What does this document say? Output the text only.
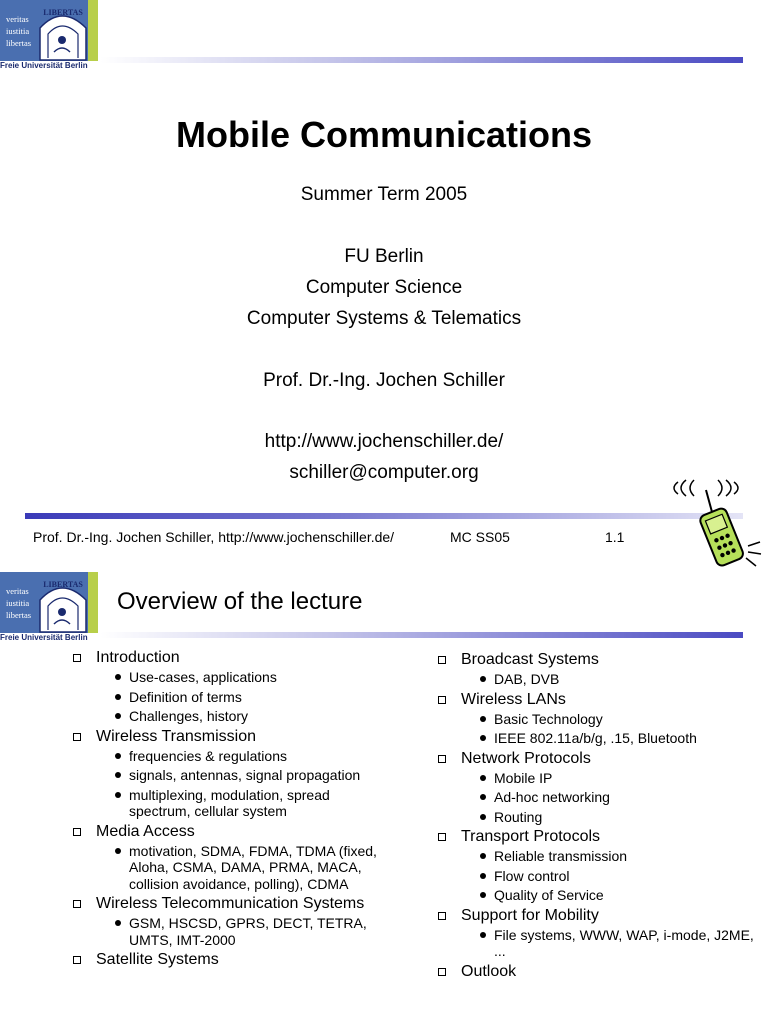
veritas
iustitia
libertas
LIBERTAS
Freie Universität Berlin
Mobile Communications
Summer Term 2005
FU Berlin
Computer Science
Computer Systems & Telematics
Prof. Dr.-Ing. Jochen Schiller
http://www.jochenschiller.de/
schiller@computer.org
Prof. Dr.-Ing. Jochen Schiller, http://www.jochenschiller.de/	MC SS05	1.1
veritas
iustitia
libertas
LIBERTAS
Freie Universität Berlin
Overview of the lecture
Introduction
Use-cases, applications
Definition of terms
Challenges, history
Wireless Transmission
frequencies & regulations
signals, antennas, signal propagation
multiplexing, modulation, spread spectrum, cellular system
Media Access
motivation, SDMA, FDMA, TDMA (fixed, Aloha, CSMA, DAMA, PRMA, MACA, collision avoidance, polling), CDMA
Wireless Telecommunication Systems
GSM, HSCSD, GPRS, DECT, TETRA, UMTS, IMT-2000
Satellite Systems
Broadcast Systems
DAB, DVB
Wireless LANs
Basic Technology
IEEE 802.11a/b/g, .15, Bluetooth
Network Protocols
Mobile IP
Ad-hoc networking
Routing
Transport Protocols
Reliable transmission
Flow control
Quality of Service
Support for Mobility
File systems, WWW, WAP, i-mode, J2ME, ...
Outlook
